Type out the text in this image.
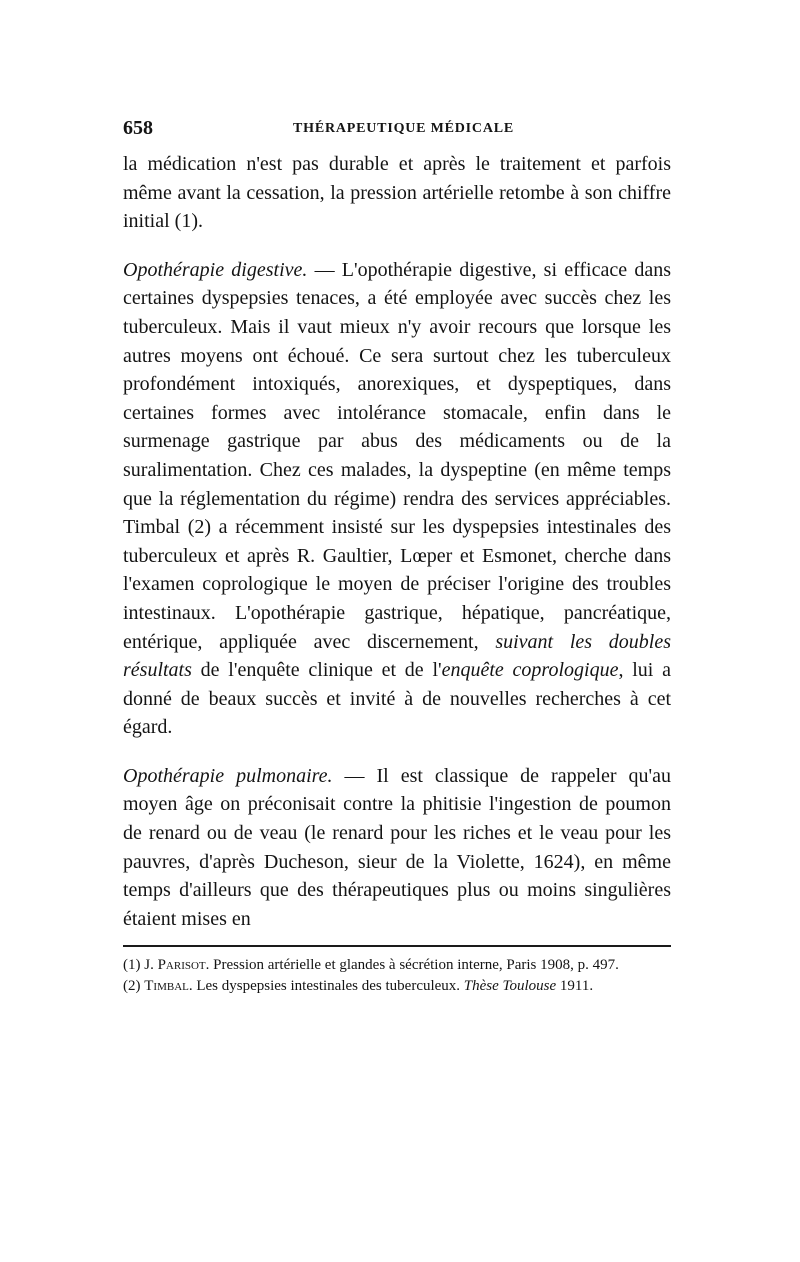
658	THÉRAPEUTIQUE MÉDICALE

la médication n'est pas durable et après le traitement et parfois même avant la cessation, la pression artérielle retombe à son chiffre initial (1).

Opothérapie digestive. — L'opothérapie digestive, si efficace dans certaines dyspepsies tenaces, a été employée avec succès chez les tuberculeux. Mais il vaut mieux n'y avoir recours que lorsque les autres moyens ont échoué. Ce sera surtout chez les tuberculeux profondément intoxiqués, anorexiques, et dyspeptiques, dans certaines formes avec intolérance stomacale, enfin dans le surmenage gastrique par abus des médicaments ou de la suralimentation. Chez ces malades, la dyspeptine (en même temps que la réglementation du régime) rendra des services appréciables. Timbal (2) a récemment insisté sur les dyspepsies intestinales des tuberculeux et après R. Gaultier, Lœper et Esmonet, cherche dans l'examen coprologique le moyen de préciser l'origine des troubles intestinaux. L'opothérapie gastrique, hépatique, pancréatique, entérique, appliquée avec discernement, suivant les doubles résultats de l'enquête clinique et de l'enquête coprologique, lui a donné de beaux succès et invité à de nouvelles recherches à cet égard.

Opothérapie pulmonaire. — Il est classique de rappeler qu'au moyen âge on préconisait contre la phitisie l'ingestion de poumon de renard ou de veau (le renard pour les riches et le veau pour les pauvres, d'après Ducheson, sieur de la Violette, 1624), en même temps d'ailleurs que des thérapeutiques plus ou moins singulières étaient mises en

(1) J. Parisot. Pression artérielle et glandes à sécrétion interne, Paris 1908, p. 497.

(2) Timbal. Les dyspepsies intestinales des tuberculeux. Thèse Toulouse 1911.
